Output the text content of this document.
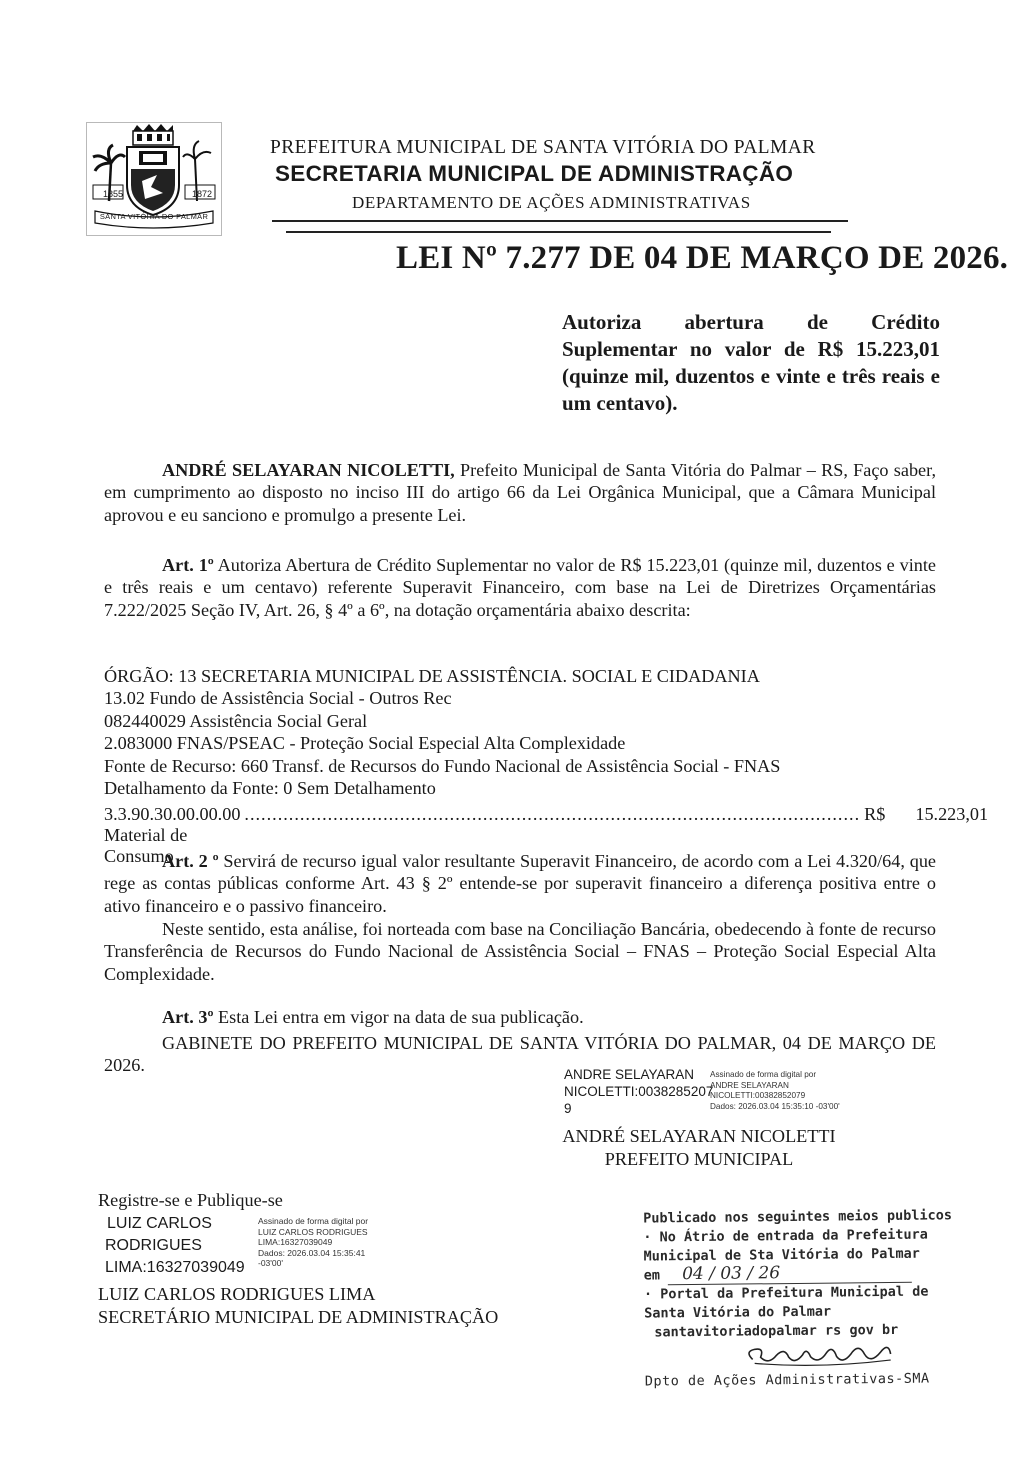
1855	1872
SANTA VITÓRIA DO PALMAR
PREFEITURA MUNICIPAL DE SANTA VITÓRIA DO PALMAR
SECRETARIA MUNICIPAL DE ADMINISTRAÇÃO
DEPARTAMENTO DE AÇÕES ADMINISTRATIVAS
LEI Nº 7.277 DE 04 DE MARÇO DE 2026.
Autoriza abertura de Crédito Suplementar no valor de R$ 15.223,01 (quinze mil, duzentos e vinte e três reais e um centavo).
ANDRÉ SELAYARAN NICOLETTI, Prefeito Municipal de Santa Vitória do Palmar – RS, Faço saber, em cumprimento ao disposto no inciso III do artigo 66 da Lei Orgânica Municipal, que a Câmara Municipal aprovou e eu sanciono e promulgo a presente Lei.
Art. 1º Autoriza Abertura de Crédito Suplementar no valor de R$ 15.223,01 (quinze mil, duzentos e vinte e três reais e um centavo) referente Superavit Financeiro, com base na Lei de Diretrizes Orçamentárias 7.222/2025 Seção IV, Art. 26, § 4º a 6º, na dotação orçamentária abaixo descrita:
ÓRGÃO: 13 SECRETARIA MUNICIPAL DE ASSISTÊNCIA. SOCIAL E CIDADANIA
13.02 Fundo de Assistência Social - Outros Rec
082440029 Assistência Social Geral
2.083000 FNAS/PSEAC - Proteção Social Especial Alta Complexidade
Fonte de Recurso: 660 Transf. de Recursos do Fundo Nacional de Assistência Social - FNAS
Detalhamento da Fonte: 0 Sem Detalhamento
3.3.90.30.00.00.00 Material de Consumo
............................................................................................................... R$ 15.223,01
Art. 2 º Servirá de recurso igual valor resultante Superavit Financeiro, de acordo com a Lei 4.320/64, que rege as contas públicas conforme Art. 43 § 2º entende-se por superavit financeiro a diferença positiva entre o ativo financeiro e o passivo financeiro.
Neste sentido, esta análise, foi norteada com base na Conciliação Bancária, obedecendo à fonte de recurso Transferência de Recursos do Fundo Nacional de Assistência Social – FNAS – Proteção Social Especial Alta Complexidade.
Art. 3º Esta Lei entra em vigor na data de sua publicação.
GABINETE DO PREFEITO MUNICIPAL DE SANTA VITÓRIA DO PALMAR, 04 DE MARÇO DE 2026.	ANDRE SELAYARAN
NICOLETTI:0038285207
9
Assinado de forma digital por
ANDRE SELAYARAN
NICOLETTI:00382852079
Dados: 2026.03.04 15:35:10 -03'00'
ANDRÉ SELAYARAN NICOLETTI
PREFEITO MUNICIPAL
Registre-se e Publique-se
LUIZ CARLOS
RODRIGUES
LIMA:16327039049
Assinado de forma digital por
LUIZ CARLOS RODRIGUES
LIMA:16327039049
Dados: 2026.03.04 15:35:41
-03'00'
LUIZ CARLOS RODRIGUES LIMA
SECRETÁRIO MUNICIPAL DE ADMINISTRAÇÃO
Publicado nos seguintes meios publicos
· No Átrio de entrada da Prefeitura
Municipal de Sta Vitória do Palmar
em 04 / 03 / 26
· Portal da Prefeitura Municipal de
Santa Vitória do Palmar
santavitoriadopalmar rs gov br
Dpto de Ações Administrativas-SMA
